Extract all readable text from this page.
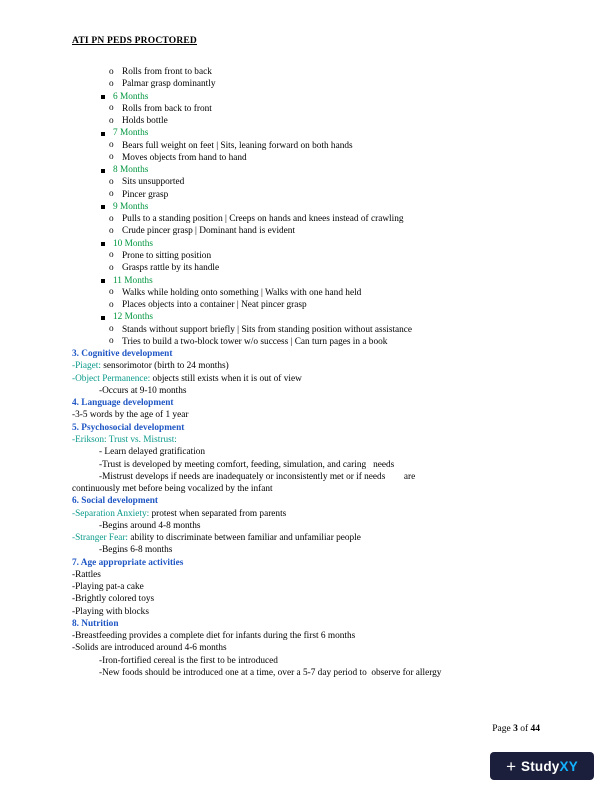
ATI PN PEDS PROCTORED
o Rolls from front to back
o Palmar grasp dominantly
6 Months
o Rolls from back to front
o Holds bottle
7 Months
o Bears full weight on feet | Sits, leaning forward on both hands
o Moves objects from hand to hand
8 Months
o Sits unsupported
o Pincer grasp
9 Months
o Pulls to a standing position | Creeps on hands and knees instead of crawling
o Crude pincer grasp | Dominant hand is evident
10 Months
o Prone to sitting position
o Grasps rattle by its handle
11 Months
o Walks while holding onto something | Walks with one hand held
o Places objects into a container | Neat pincer grasp
12 Months
o Stands without support briefly | Sits from standing position without assistance
o Tries to build a two-block tower w/o success | Can turn pages in a book
3. Cognitive development
-Piaget: sensorimotor (birth to 24 months)
-Object Permanence: objects still exists when it is out of view
-Occurs at 9-10 months
4. Language development
-3-5 words by the age of 1 year
5. Psychosocial development
-Erikson: Trust vs. Mistrust:
- Learn delayed gratification
-Trust is developed by meeting comfort, feeding, simulation, and caring   needs
-Mistrust develops if needs are inadequately or inconsistently met or if needs        are
continuously met before being vocalized by the infant
6. Social development
-Separation Anxiety: protest when separated from parents
-Begins around 4-8 months
-Stranger Fear: ability to discriminate between familiar and unfamiliar people
-Begins 6-8 months
7. Age appropriate activities
-Rattles
-Playing pat-a cake
-Brightly colored toys
-Playing with blocks
8. Nutrition
-Breastfeeding provides a complete diet for infants during the first 6 months
-Solids are introduced around 4-6 months
-Iron-fortified cereal is the first to be introduced
-New foods should be introduced one at a time, over a 5-7 day period to  observe for allergy
Page 3 of 44
+ StudyXY
